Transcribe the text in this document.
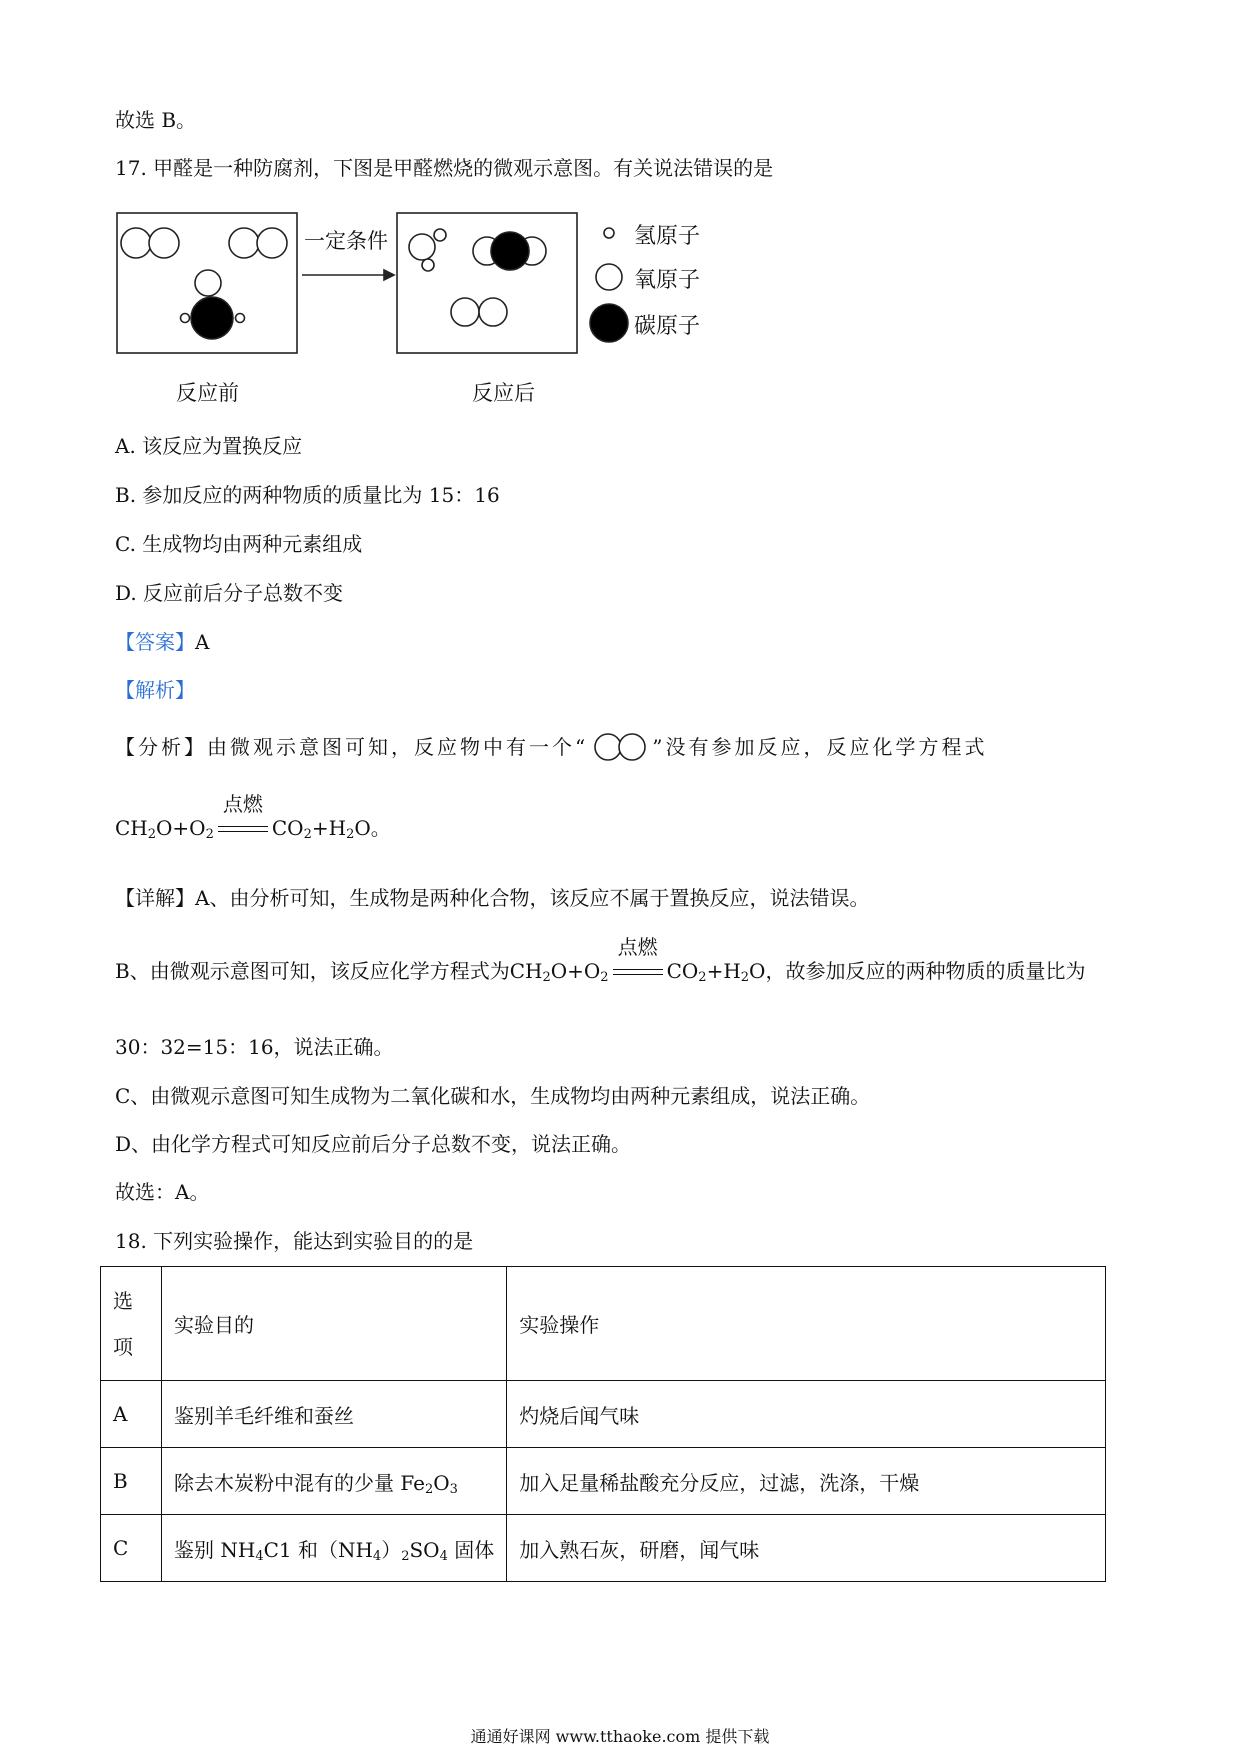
故选 B。
17. 甲醛是一种防腐剂，下图是甲醛燃烧的微观示意图。有关说法错误的是
一定条件	氢原子
氧原子
碳原子
反应前	反应后
A. 该反应为置换反应
B. 参加反应的两种物质的质量比为 15：16
C. 生成物均由两种元素组成
D. 反应前后分子总数不变
【答案】A
【解析】
【分析】由微观示意图可知，反应物中有一个“	”没有参加反应，反应化学方程式
$CH_2O+O_2$
点燃
$CO_2+H_2O$。
【详解】A、由分析可知，生成物是两种化合物，该反应不属于置换反应，说法错误。
B、由微观示意图可知，该反应化学方程式为$CH_2O+O_2$
点燃
$CO_2+H_2O$，故参加反应的两种物质的质量比为
30：32=15：16，说法正确。
C、由微观示意图可知生成物为二氧化碳和水，生成物均由两种元素组成，说法正确。
D、由化学方程式可知反应前后分子总数不变，说法正确。
故选：A。
18. 下列实验操作，能达到实验目的的是
选
项	实验目的	实验操作
A	鉴别羊毛纤维和蚕丝	灼烧后闻气味
B	除去木炭粉中混有的少量 $Fe_2O_3$	加入足量稀盐酸充分反应，过滤，洗涤，干燥
C	鉴别 $NH_4C1$ 和$(NH_4)_2SO_4$ 固体	加入熟石灰，研磨，闻气味
通通好课网 www.tthaoke.com 提供下载
